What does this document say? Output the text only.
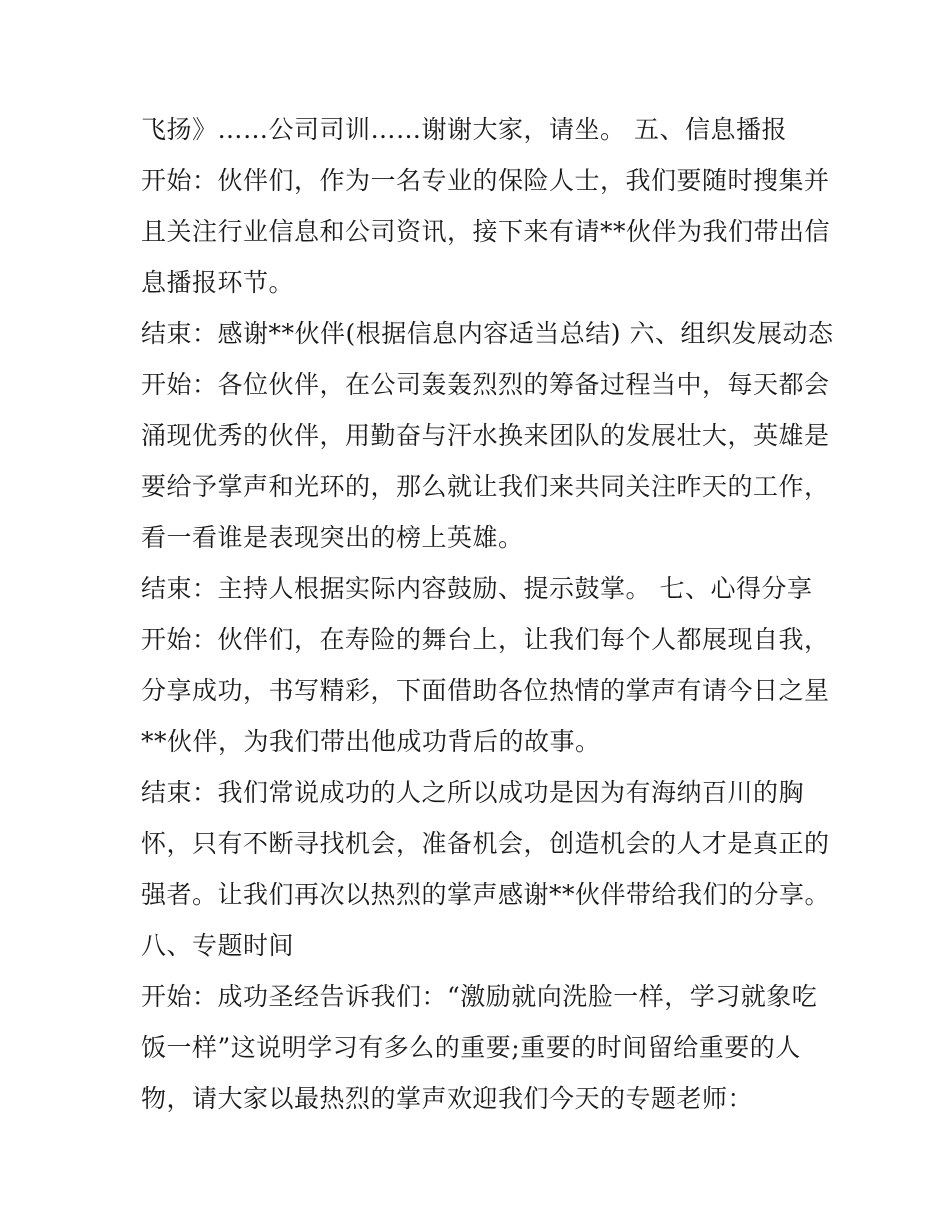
飞扬》……公司司训……谢谢大家，请坐。 五、信息播报
开始：伙伴们，作为一名专业的保险人士，我们要随时搜集并
且关注行业信息和公司资讯，接下来有请**伙伴为我们带出信
息播报环节。
结束：感谢**伙伴(根据信息内容适当总结) 六、组织发展动态
开始：各位伙伴，在公司轰轰烈烈的筹备过程当中，每天都会
涌现优秀的伙伴，用勤奋与汗水换来团队的发展壮大，英雄是
要给予掌声和光环的，那么就让我们来共同关注昨天的工作，
看一看谁是表现突出的榜上英雄。
结束：主持人根据实际内容鼓励、提示鼓掌。 七、心得分享
开始：伙伴们，在寿险的舞台上，让我们每个人都展现自我，
分享成功，书写精彩，下面借助各位热情的掌声有请今日之星
**伙伴，为我们带出他成功背后的故事。
结束：我们常说成功的人之所以成功是因为有海纳百川的胸
怀，只有不断寻找机会，准备机会，创造机会的人才是真正的
强者。让我们再次以热烈的掌声感谢**伙伴带给我们的分享。
八、专题时间
开始：成功圣经告诉我们：“激励就向洗脸一样，学习就象吃
饭一样”这说明学习有多么的重要;重要的时间留给重要的人
物，请大家以最热烈的掌声欢迎我们今天的专题老师：
